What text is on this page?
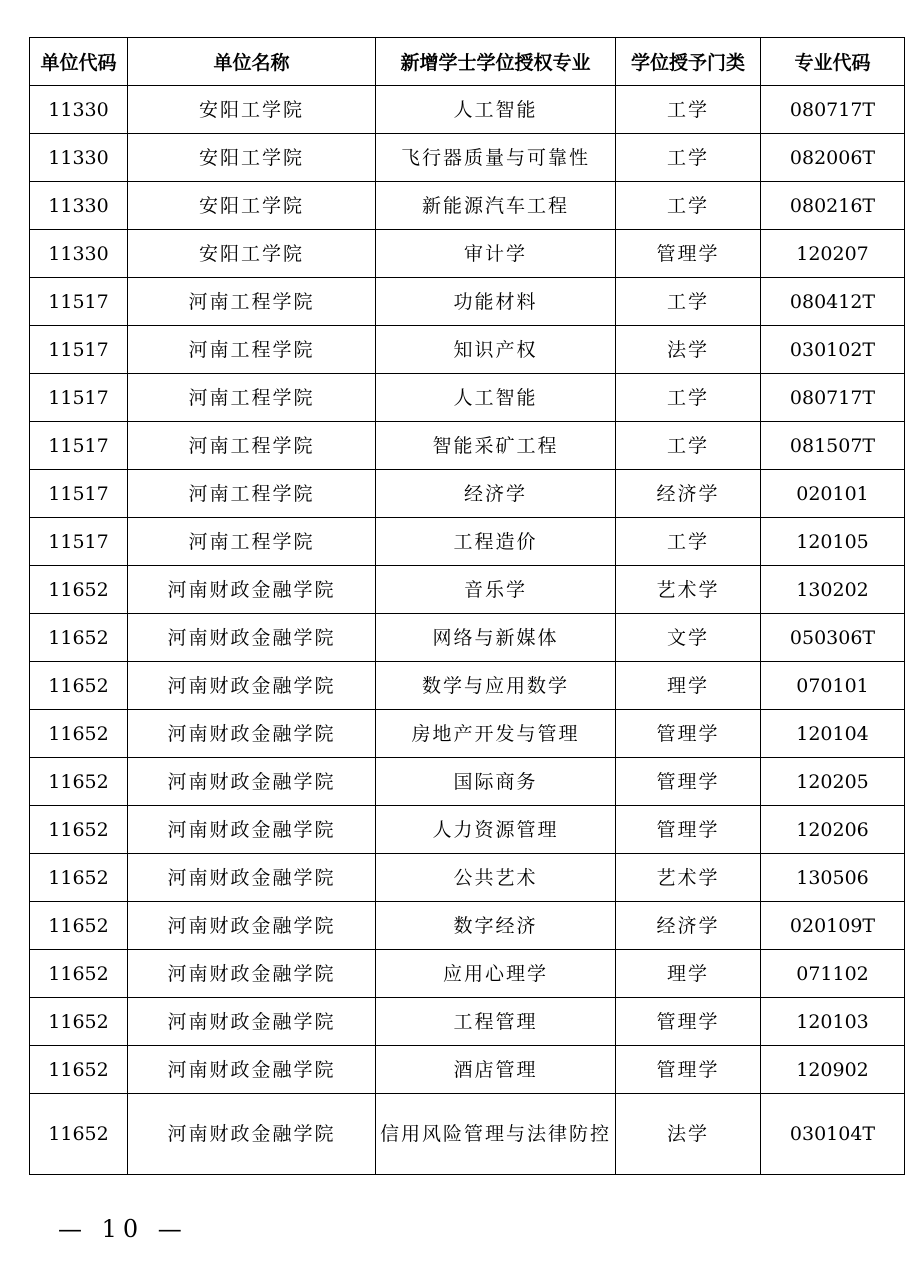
单位代码	单位名称	新增学士学位授权专业	学位授予门类	专业代码
11330	安阳工学院	人工智能	工学	080717T
11330	安阳工学院	飞行器质量与可靠性	工学	082006T
11330	安阳工学院	新能源汽车工程	工学	080216T
11330	安阳工学院	审计学	管理学	120207
11517	河南工程学院	功能材料	工学	080412T
11517	河南工程学院	知识产权	法学	030102T
11517	河南工程学院	人工智能	工学	080717T
11517	河南工程学院	智能采矿工程	工学	081507T
11517	河南工程学院	经济学	经济学	020101
11517	河南工程学院	工程造价	工学	120105
11652	河南财政金融学院	音乐学	艺术学	130202
11652	河南财政金融学院	网络与新媒体	文学	050306T
11652	河南财政金融学院	数学与应用数学	理学	070101
11652	河南财政金融学院	房地产开发与管理	管理学	120104
11652	河南财政金融学院	国际商务	管理学	120205
11652	河南财政金融学院	人力资源管理	管理学	120206
11652	河南财政金融学院	公共艺术	艺术学	130506
11652	河南财政金融学院	数字经济	经济学	020109T
11652	河南财政金融学院	应用心理学	理学	071102
11652	河南财政金融学院	工程管理	管理学	120103
11652	河南财政金融学院	酒店管理	管理学	120902
11652	河南财政金融学院	信用风险管理与法律防控	法学	030104T
— 10 —
